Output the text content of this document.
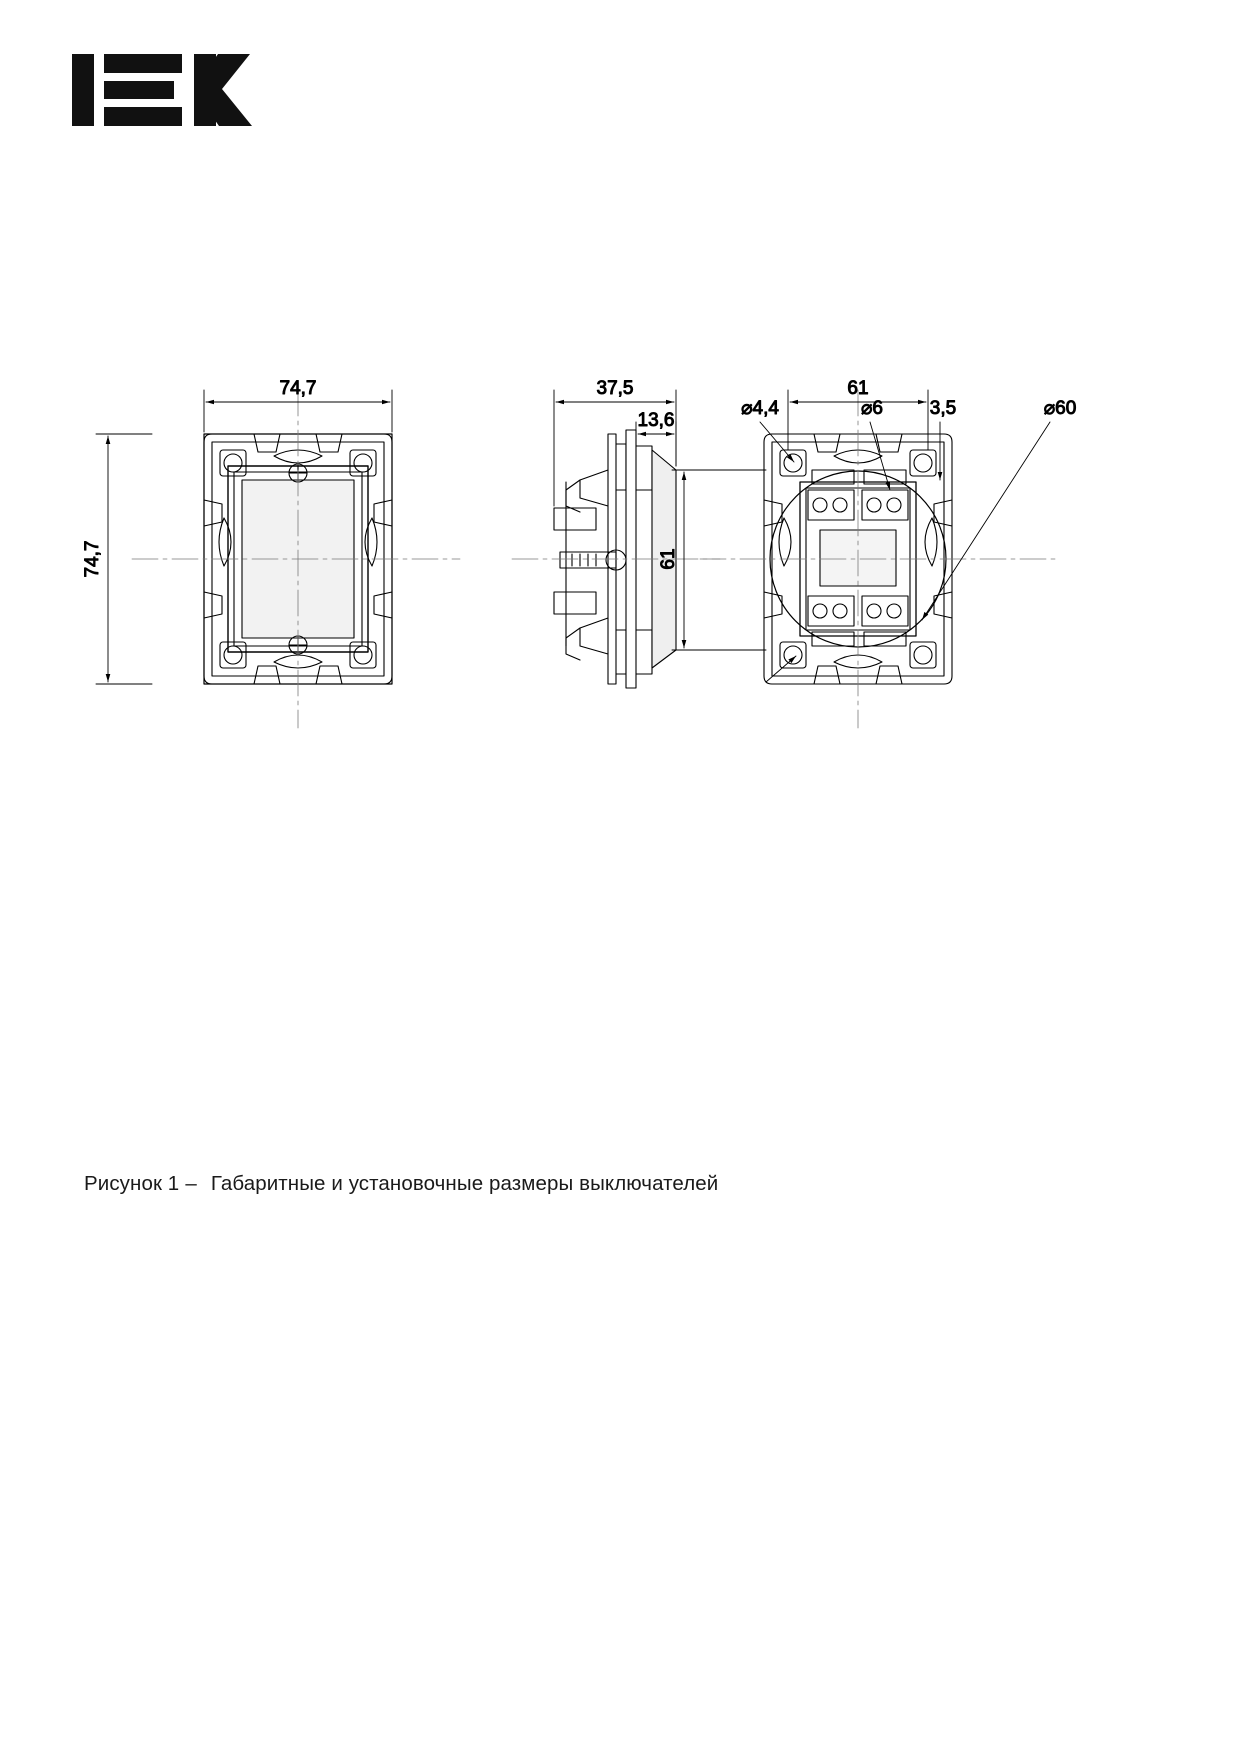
74,7
74,7
37,5
13,6
61
61
⌀4,4	⌀6 3,5	⌀60
Рисунок 1 – Габаритные и установочные размеры выключателей
